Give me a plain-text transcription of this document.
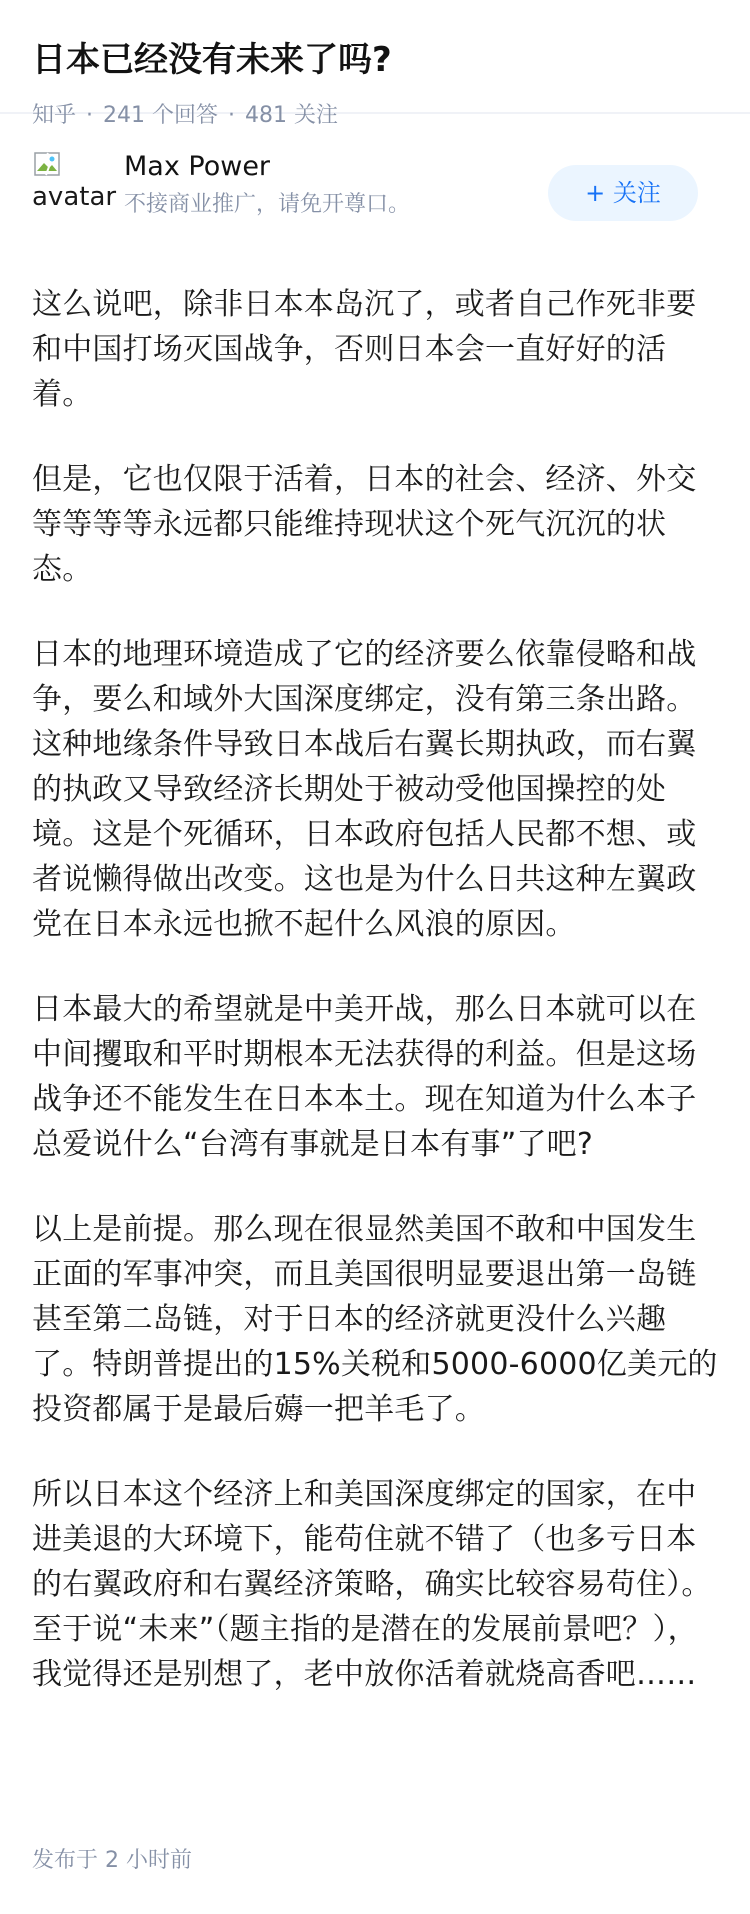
日本已经没有未来了吗?
知乎 · 241 个回答 · 481 关注
avatar
Max Power
不接商业推广，请免开尊口。	+ 关注

这么说吧，除非日本本岛沉了，或者自己作死非要和中国打场灭国战争，否则日本会一直好好的活着。

但是，它也仅限于活着，日本的社会、经济、外交等等等等永远都只能维持现状这个死气沉沉的状态。

日本的地理环境造成了它的经济要么依靠侵略和战争，要么和域外大国深度绑定，没有第三条出路。这种地缘条件导致日本战后右翼长期执政，而右翼的执政又导致经济长期处于被动受他国操控的处境。这是个死循环，日本政府包括人民都不想、或者说懒得做出改变。这也是为什么日共这种左翼政党在日本永远也掀不起什么风浪的原因。

日本最大的希望就是中美开战，那么日本就可以在中间攫取和平时期根本无法获得的利益。但是这场战争还不能发生在日本本土。现在知道为什么本子总爱说什么“台湾有事就是日本有事”了吧?

以上是前提。那么现在很显然美国不敢和中国发生正面的军事冲突，而且美国很明显要退出第一岛链甚至第二岛链，对于日本的经济就更没什么兴趣了。特朗普提出的15%关税和5000-6000亿美元的投资都属于是最后薅一把羊毛了。

所以日本这个经济上和美国深度绑定的国家，在中进美退的大环境下，能苟住就不错了（也多亏日本的右翼政府和右翼经济策略，确实比较容易苟住）。至于说“未来”（题主指的是潜在的发展前景吧？），我觉得还是别想了，老中放你活着就烧高香吧……

发布于 2 小时前
